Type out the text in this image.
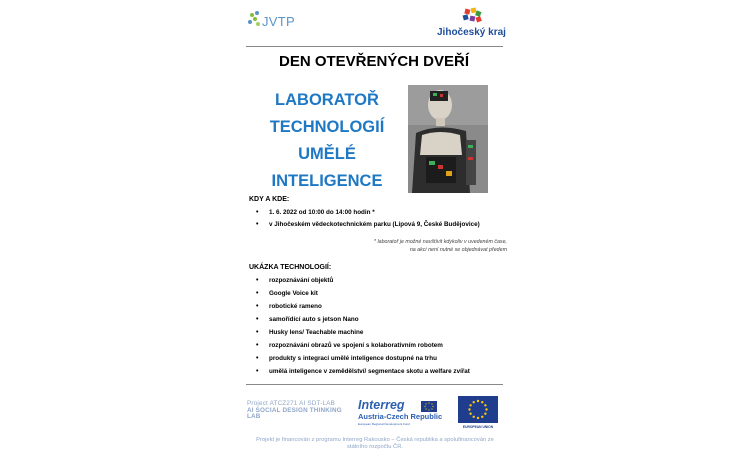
JVTP
Jihočeský kraj
DEN OTEVŘENÝCH DVEŘÍ
LABORATOŘ
TECHNOLOGIÍ
UMĚLÉ
INTELIGENCE
KDY A KDE:
• 1. 6. 2022 od 10:00 do 14:00 hodin *
• v Jihočeském vědeckotechnickém parku (Lipová 9, České Budějovice)
* laboratoř je možné navštívit kdykoliv v uvedeném čase, na akci není nutné se objednávat předem
UKÁZKA TECHNOLOGIÍ:
• rozpoznávání objektů
• Google Voice kit
• robotické rameno
• samořídící auto s jetson Nano
• Husky lens/ Teachable machine
• rozpoznávání obrazů ve spojení s kolaborativním robotem
• produkty s integrací umělé inteligence dostupné na trhu
• umělá inteligence v zemědělství/ segmentace skotu a welfare zvířat
Project ATCZ271 AI SDT-LAB
AI SOCIAL DESIGN THINKING LAB
Interreg
Austria-Czech Republic
European Regional Development Fund
EUROPEAN UNION
Projekt je financován z programu Interreg Rakousko – Česká republika a spolufinancován ze státního rozpočtu ČR.
